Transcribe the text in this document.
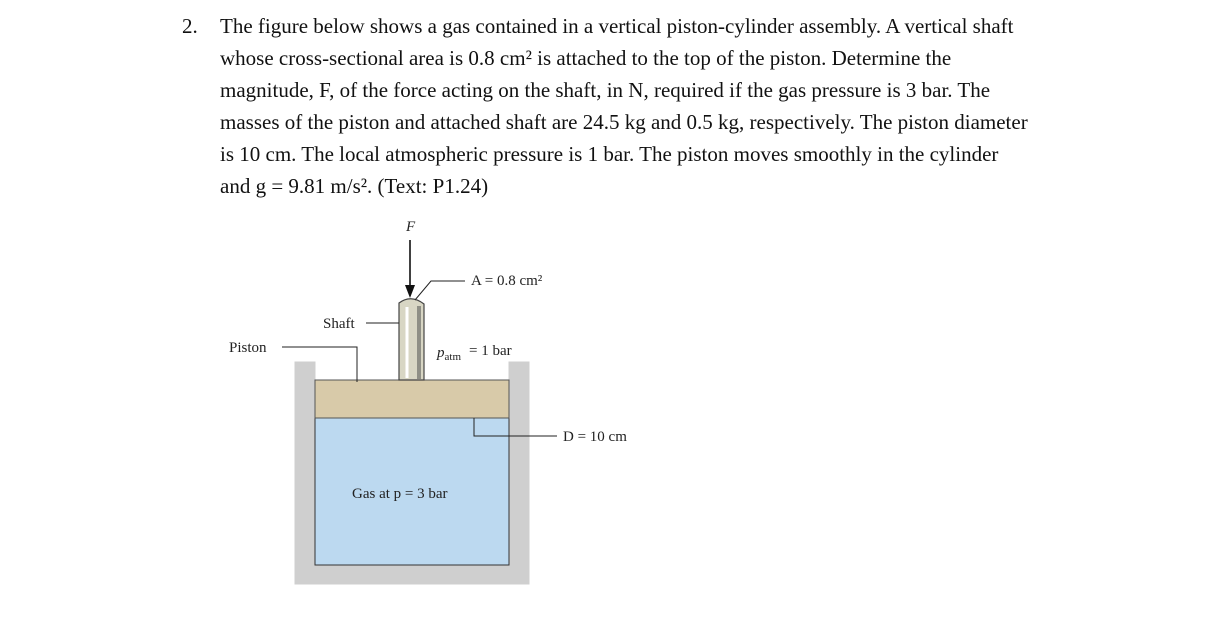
2. The figure below shows a gas contained in a vertical piston-cylinder assembly. A vertical shaft
whose cross-sectional area is 0.8 cm² is attached to the top of the piston. Determine the
magnitude, F, of the force acting on the shaft, in N, required if the gas pressure is 3 bar. The
masses of the piston and attached shaft are 24.5 kg and 0.5 kg, respectively. The piston diameter
is 10 cm. The local atmospheric pressure is 1 bar. The piston moves smoothly in the cylinder
and g = 9.81 m/s². (Text: P1.24)
F
A = 0.8 cm²
Shaft
Piston	$p_{atm} = 1$ bar
D = 10 cm
Gas at p = 3 bar
